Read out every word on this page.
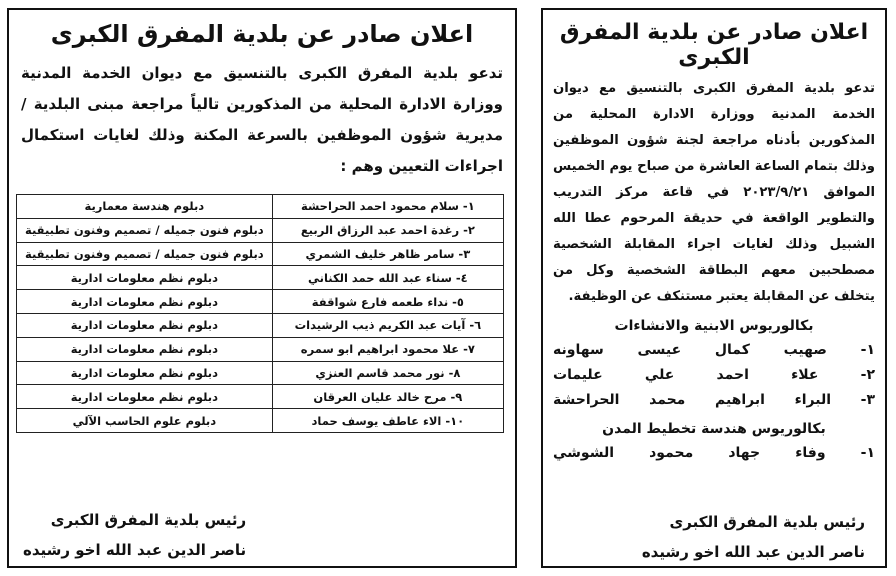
اعلان صادر عن بلدية المفرق الكبرى
تدعو بلدية المفرق الكبرى بالتنسيق مع ديوان الخدمة المدنية ووزارة الادارة المحلية من المذكورين تالياً مراجعة مبنى البلدية / مديرية شؤون الموظفين بالسرعة المكنة وذلك لغايات استكمال اجراءات التعيين وهم :
١- سلام محمود احمد الحراحشة	دبلوم هندسة معمارية
٢- رغدة احمد عبد الرزاق الربيع	دبلوم فنون جميله / تصميم وفنون تطبيقية
٣- سامر ظاهر خليف الشمري	دبلوم فنون جميله / تصميم وفنون تطبيقية
٤- سناء عبد الله حمد الكناني	دبلوم نظم معلومات ادارية
٥- نداء طعمه فارع شواقفة	دبلوم نظم معلومات ادارية
٦- آيات عبد الكريم ذيب الرشيدات	دبلوم نظم معلومات ادارية
٧- علا محمود ابراهيم ابو سمره	دبلوم نظم معلومات ادارية
٨- نور محمد قاسم العنزي	دبلوم نظم معلومات ادارية
٩- مرح خالد عليان العرقان	دبلوم نظم معلومات ادارية
١٠- الاء عاطف يوسف حماد	دبلوم علوم الحاسب الآلي
رئيس بلدية المفرق الكبرى
ناصر الدين عبد الله اخو رشيده
اعلان صادر عن بلدية المفرق الكبرى
تدعو بلدية المفرق الكبرى بالتنسيق مع ديوان الخدمة المدنية ووزارة الادارة المحلية من المذكورين بأدناه مراجعة لجنة شؤون الموظفين وذلك بتمام الساعة العاشرة من صباح يوم الخميس الموافق ٢٠٢٣/٩/٢١ في قاعة مركز التدريب والتطوير الواقعة في حديقة المرحوم عطا الله الشبيل وذلك لغايات اجراء المقابلة الشخصية مصطحبين معهم البطاقة الشخصية وكل من يتخلف عن المقابلة يعتبر مستنكف عن الوظيفة.
بكالوريوس الابنية والانشاءات
١- صهيب كمال عيسى سهاونه
٢- علاء احمد علي عليمات
٣- البراء ابراهيم محمد الحراحشة
بكالوريوس هندسة تخطيط المدن
١- وفاء جهاد محمود الشوشي
رئيس بلدية المفرق الكبرى
ناصر الدين عبد الله اخو رشيده
